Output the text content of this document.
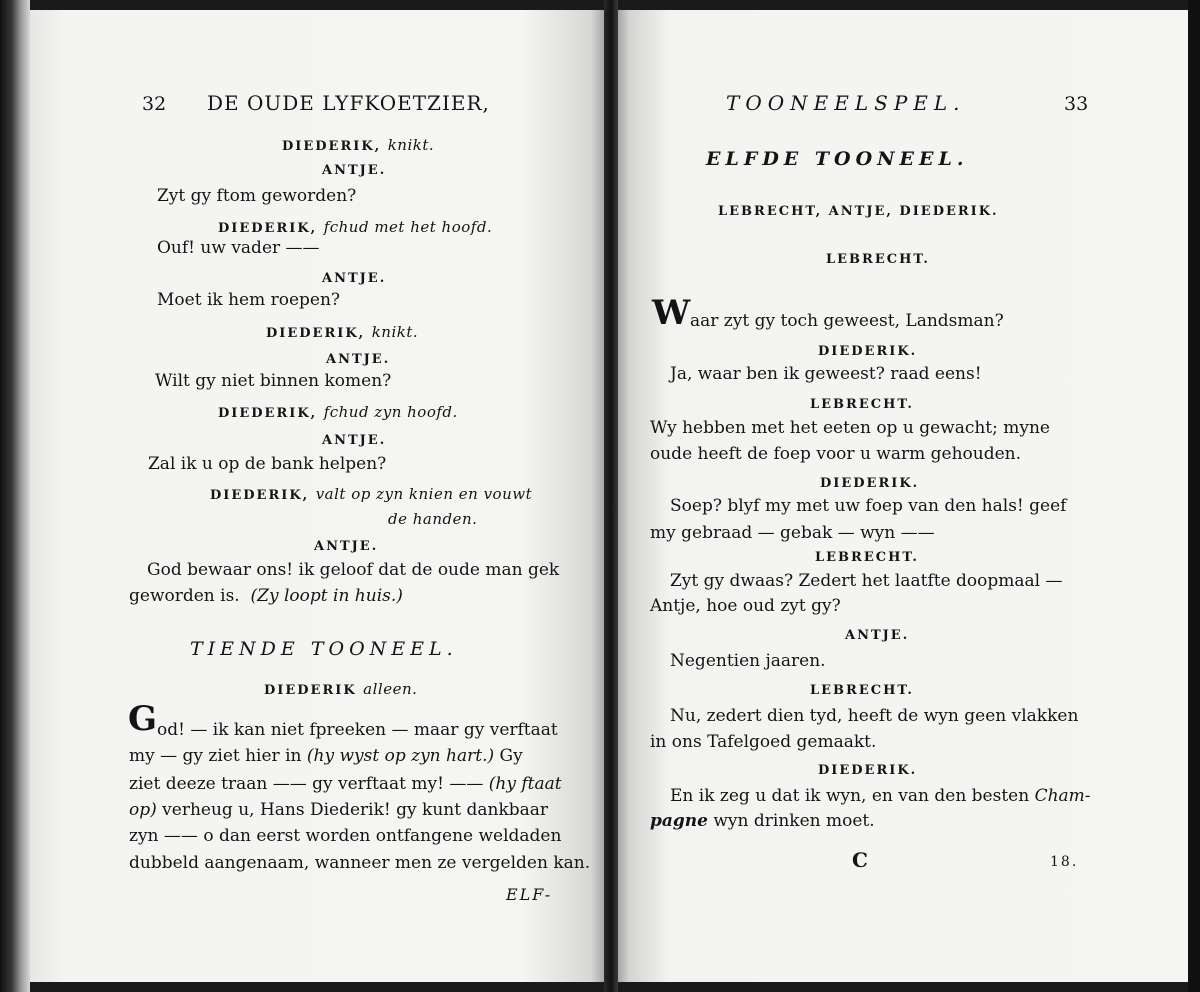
32 DE OUDE LYFKOETZIER,
DIEDERIK, knikt.
ANTJE.
Zyt gy ftom geworden?
DIEDERIK, fchud met het hoofd.
Ouf! uw vader ——
ANTJE.
Moet ik hem roepen?
DIEDERIK, knikt.
ANTJE.
Wilt gy niet binnen komen?
DIEDERIK, fchud zyn hoofd.
ANTJE.
Zal ik u op de bank helpen?
DIEDERIK, valt op zyn knien en vouwt
de handen.
ANTJE.
God bewaar ons! ik geloof dat de oude man gek
geworden is. (Zy loopt in huis.)
TIENDE TOONEEL.
DIEDERIK alleen.
G od! — ik kan niet fpreeken — maar gy verftaat
my — gy ziet hier in (hy wyst op zyn hart.) Gy
ziet deeze traan —— gy verftaat my! —— (hy ftaat
op) verheug u, Hans Diederik! gy kunt dankbaar
zyn —— o dan eerst worden ontfangene weldaden
dubbeld aangenaam, wanneer men ze vergelden kan.
ELF-
TOONEELSPEL.	33
ELFDE TOONEEL.
LEBRECHT, ANTJE, DIEDERIK.
LEBRECHT.
W aar zyt gy toch geweest, Landsman?
DIEDERIK.
Ja, waar ben ik geweest? raad eens!
LEBRECHT.
Wy hebben met het eeten op u gewacht; myne
oude heeft de foep voor u warm gehouden.
DIEDERIK.
Soep? blyf my met uw foep van den hals! geef
my gebraad — gebak — wyn ——
LEBRECHT.
Zyt gy dwaas? Zedert het laatfte doopmaal —
Antje, hoe oud zyt gy?
ANTJE.
Negentien jaaren.
LEBRECHT.
Nu, zedert dien tyd, heeft de wyn geen vlakken
in ons Tafelgoed gemaakt.
DIEDERIK.
En ik zeg u dat ik wyn, en van den besten Cham-
pagne wyn drinken moet.
C	18.
